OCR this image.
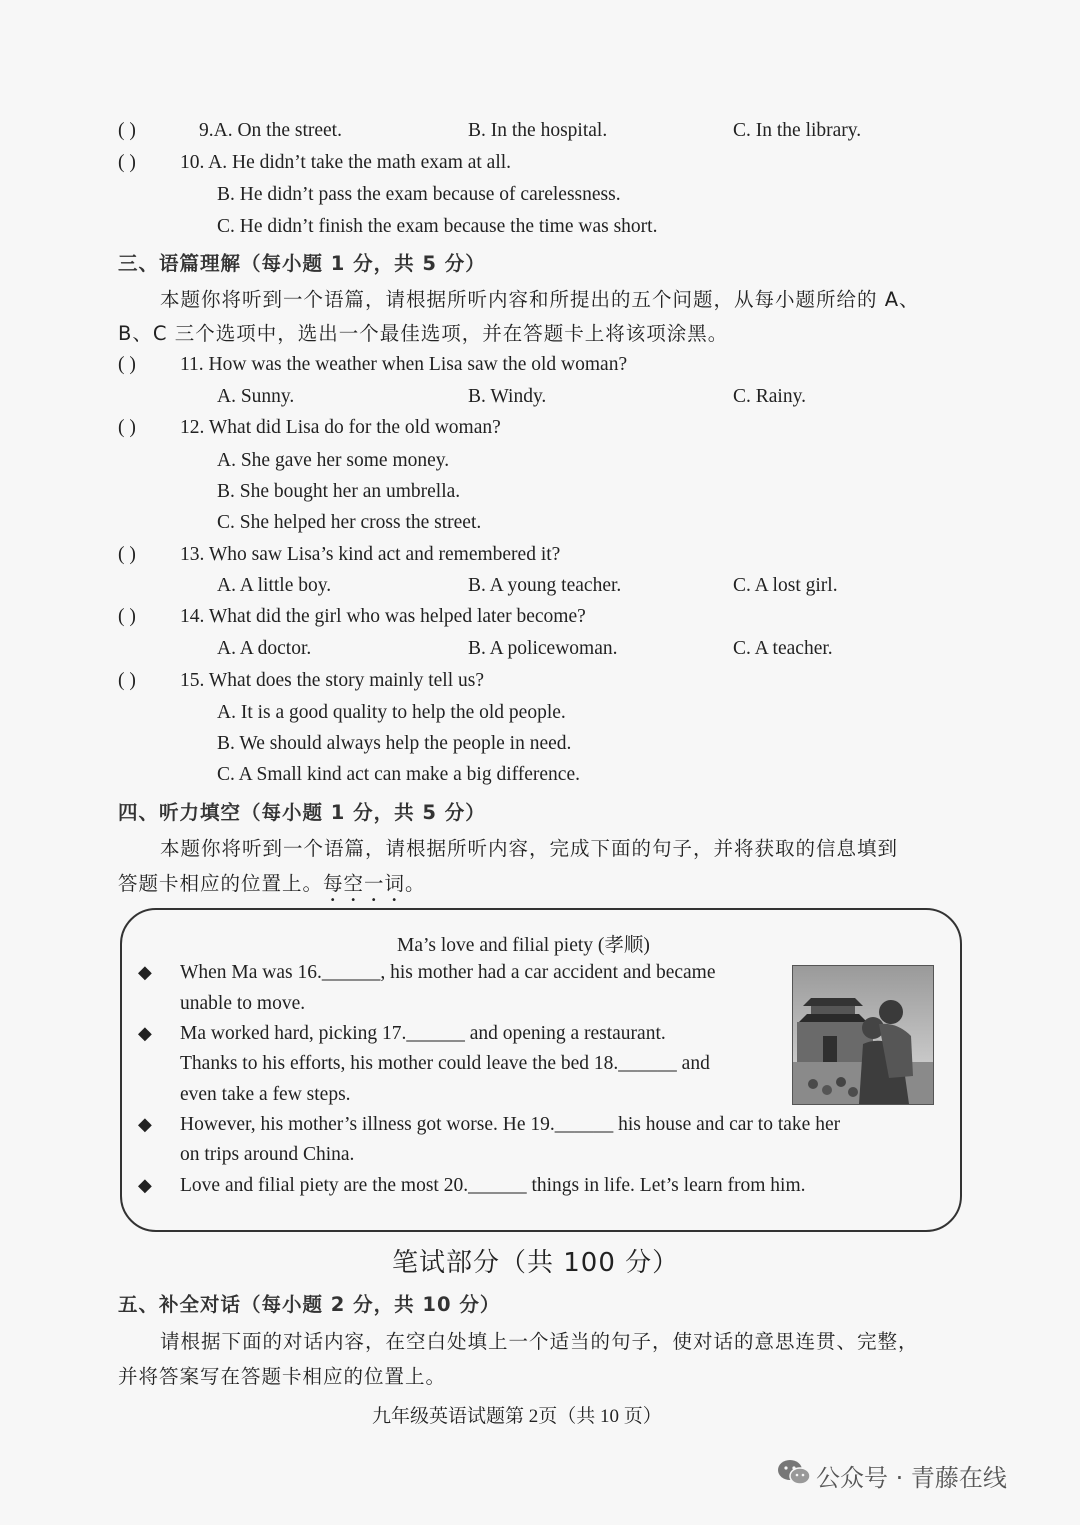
( )	9.A. On the street.	B. In the hospital.	C. In the library.
( ) 10. A. He didn’t take the math exam at all.
B. He didn’t pass the exam because of carelessness.
C. He didn’t finish the exam because the time was short.
三、语篇理解（每小题 1 分，共 5 分）
本题你将听到一个语篇，请根据所听内容和所提出的五个问题，从每小题所给的 A、
B、C 三个选项中，选出一个最佳选项，并在答题卡上将该项涂黑。
( ) 11. How was the weather when Lisa saw the old woman?
A. Sunny.	B. Windy.	C. Rainy.
( ) 12. What did Lisa do for the old woman?
A. She gave her some money.
B. She bought her an umbrella.
C. She helped her cross the street.
( ) 13. Who saw Lisa’s kind act and remembered it?
A. A little boy.	B. A young teacher.	C. A lost girl.
( ) 14. What did the girl who was helped later become?
A. A doctor.	B. A policewoman.	C. A teacher.
( ) 15. What does the story mainly tell us?
A. It is a good quality to help the old people.
B. We should always help the people in need.
C. A Small kind act can make a big difference.
四、听力填空（每小题 1 分，共 5 分）
本题你将听到一个语篇，请根据所听内容，完成下面的句子，并将获取的信息填到
答题卡相应的位置上。每空一词。
Ma’s love and filial piety (孝顺)
◆ When Ma was 16.______, his mother had a car accident and became
unable to move.
◆ Ma worked hard, picking 17.______ and opening a restaurant.
Thanks to his efforts, his mother could leave the bed 18.______ and
even take a few steps.
◆ However, his mother’s illness got worse. He 19.______ his house and car to take her
on trips around China.
◆ Love and filial piety are the most 20.______ things in life. Let’s learn from him.
笔试部分（共 100 分）
五、补全对话（每小题 2 分，共 10 分）
请根据下面的对话内容，在空白处填上一个适当的句子，使对话的意思连贯、完整，
并将答案写在答题卡相应的位置上。
九年级英语试题第 2页（共 10 页）
公众号 · 青藤在线
